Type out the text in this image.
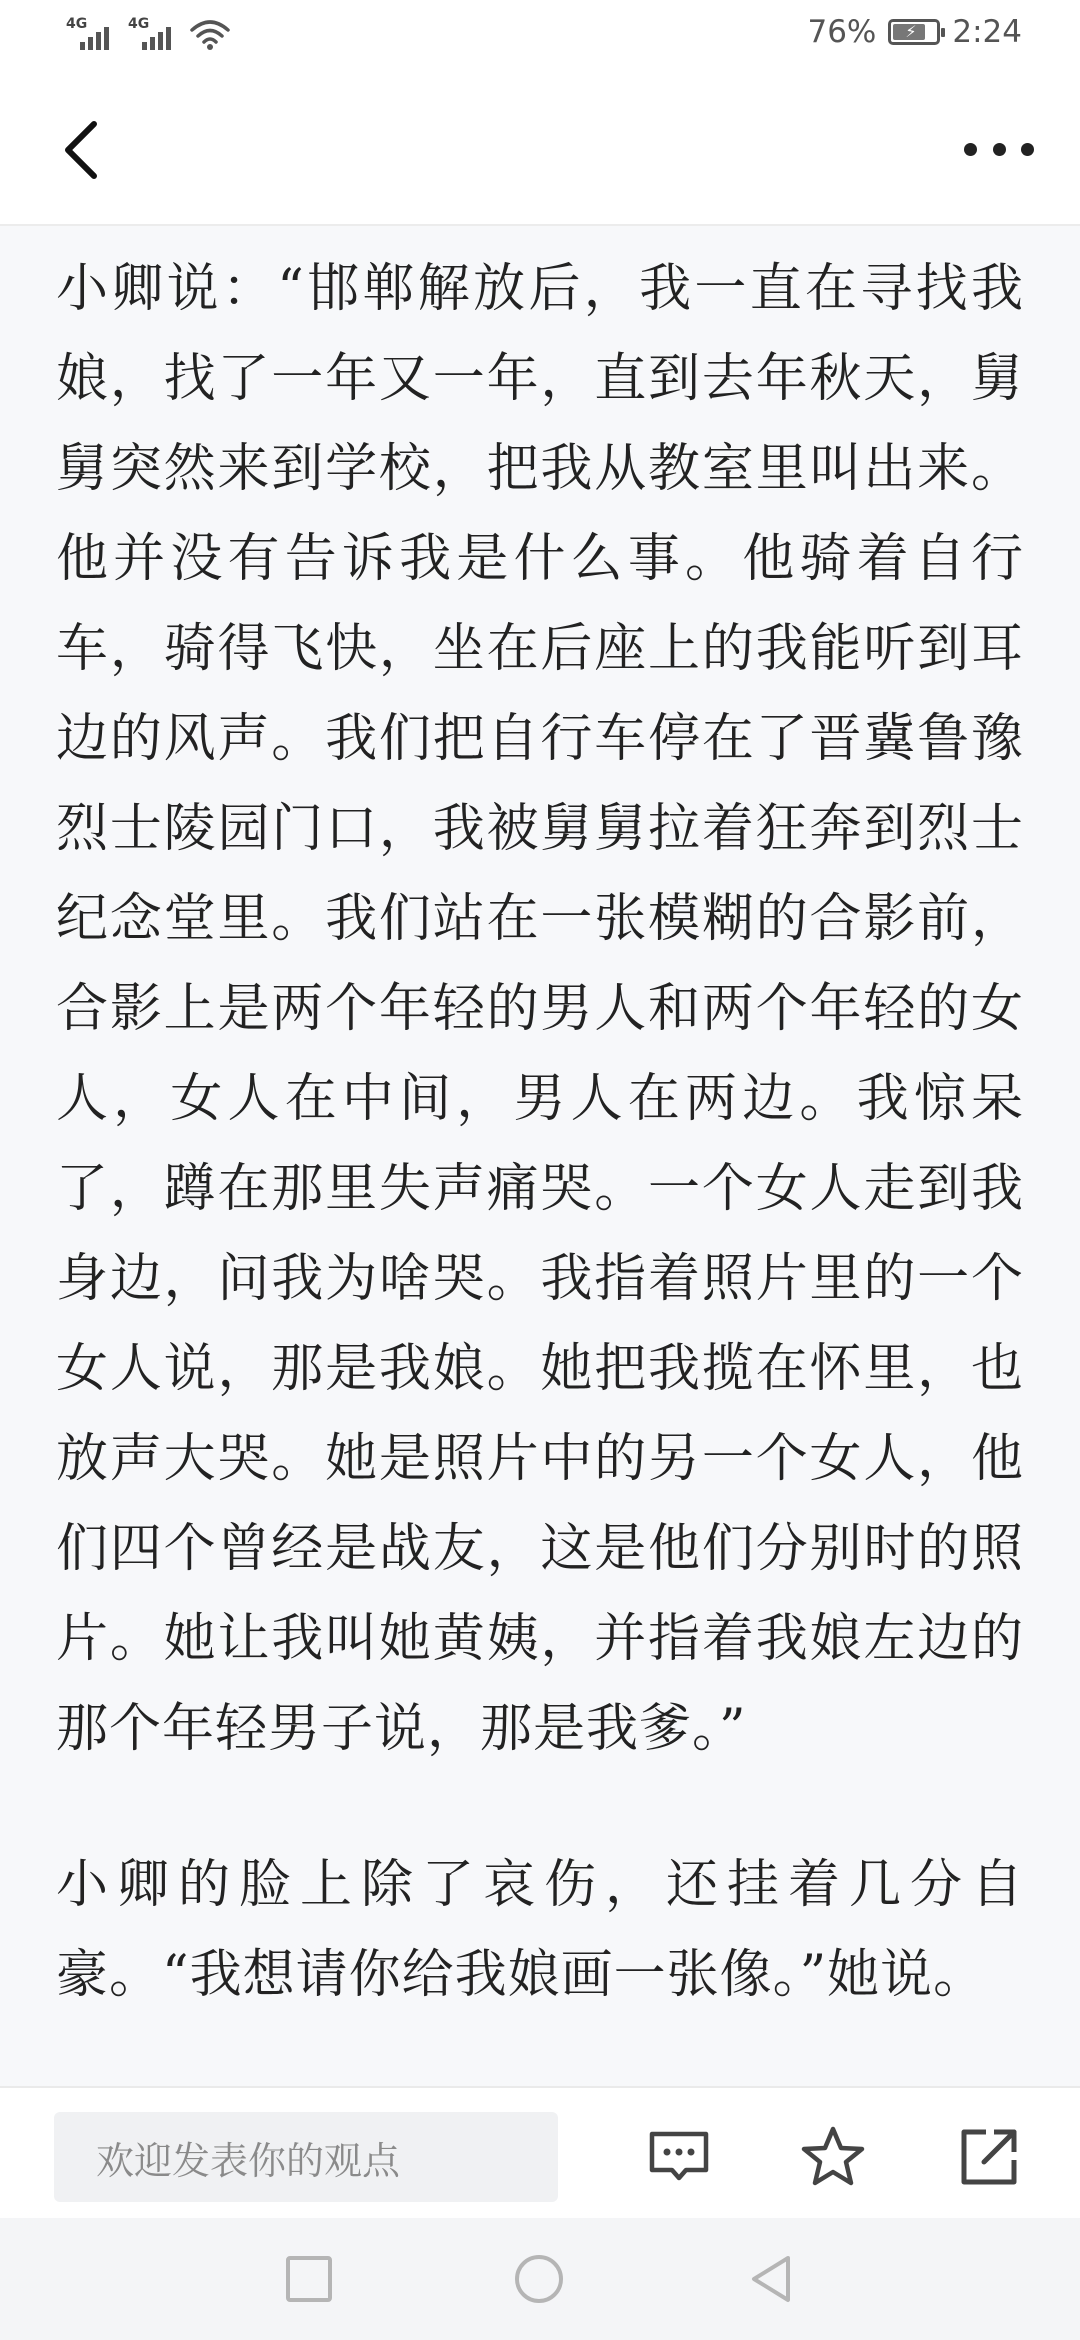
4G	4G	76% ⚡ 2:24

小卿说：“邯郸解放后，我一直在寻找我娘，找了一年又一年，直到去年秋天，舅舅突然来到学校，把我从教室里叫出来。他并没有告诉我是什么事。他骑着自行车，骑得飞快，坐在后座上的我能听到耳边的风声。我们把自行车停在了晋冀鲁豫烈士陵园门口，我被舅舅拉着狂奔到烈士纪念堂里。我们站在一张模糊的合影前，合影上是两个年轻的男人和两个年轻的女人，女人在中间，男人在两边。我惊呆了，蹲在那里失声痛哭。一个女人走到我身边，问我为啥哭。我指着照片里的一个女人说，那是我娘。她把我揽在怀里，也放声大哭。她是照片中的另一个女人，他们四个曾经是战友，这是他们分别时的照片。她让我叫她黄姨，并指着我娘左边的那个年轻男子说，那是我爹。”

小卿的脸上除了哀伤，还挂着几分自豪。“我想请你给我娘画一张像。”她说。

欢迎发表你的观点
